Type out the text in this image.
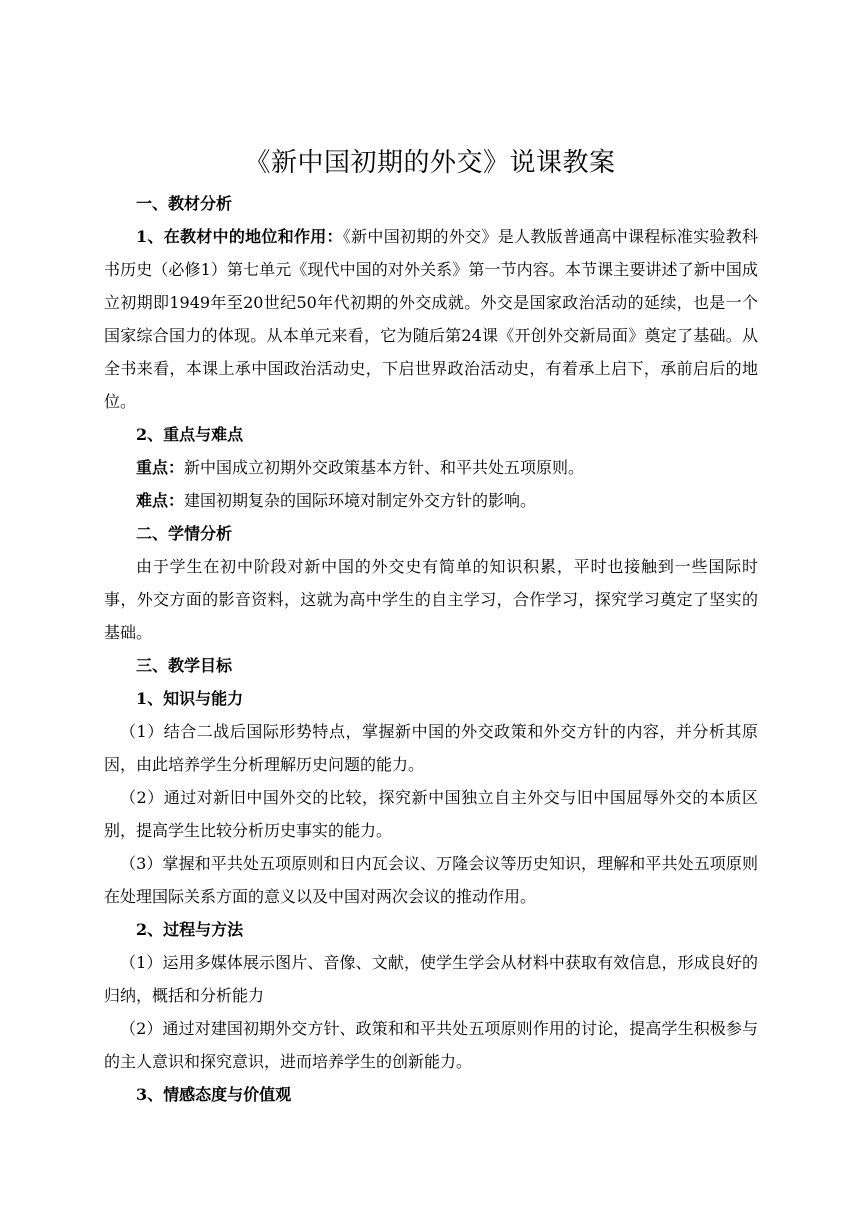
《新中国初期的外交》说课教案

一、教材分析

1、在教材中的地位和作用：《新中国初期的外交》是人教版普通高中课程标准实验教科书历史（必修1）第七单元《现代中国的对外关系》第一节内容。本节课主要讲述了新中国成立初期即1949年至20世纪50年代初期的外交成就。外交是国家政治活动的延续，也是一个国家综合国力的体现。从本单元来看，它为随后第24课《开创外交新局面》奠定了基础。从全书来看，本课上承中国政治活动史，下启世界政治活动史，有着承上启下，承前启后的地位。

2、重点与难点

重点：新中国成立初期外交政策基本方针、和平共处五项原则。

难点：建国初期复杂的国际环境对制定外交方针的影响。

二、学情分析

由于学生在初中阶段对新中国的外交史有简单的知识积累，平时也接触到一些国际时事，外交方面的影音资料，这就为高中学生的自主学习，合作学习，探究学习奠定了坚实的基础。

三、教学目标

1、知识与能力

（1）结合二战后国际形势特点，掌握新中国的外交政策和外交方针的内容，并分析其原因，由此培养学生分析理解历史问题的能力。

（2）通过对新旧中国外交的比较，探究新中国独立自主外交与旧中国屈辱外交的本质区别，提高学生比较分析历史事实的能力。

（3）掌握和平共处五项原则和日内瓦会议、万隆会议等历史知识，理解和平共处五项原则在处理国际关系方面的意义以及中国对两次会议的推动作用。

2、过程与方法

（1）运用多媒体展示图片、音像、文献，使学生学会从材料中获取有效信息，形成良好的归纳，概括和分析能力

（2）通过对建国初期外交方针、政策和和平共处五项原则作用的讨论，提高学生积极参与的主人意识和探究意识，进而培养学生的创新能力。

3、情感态度与价值观
